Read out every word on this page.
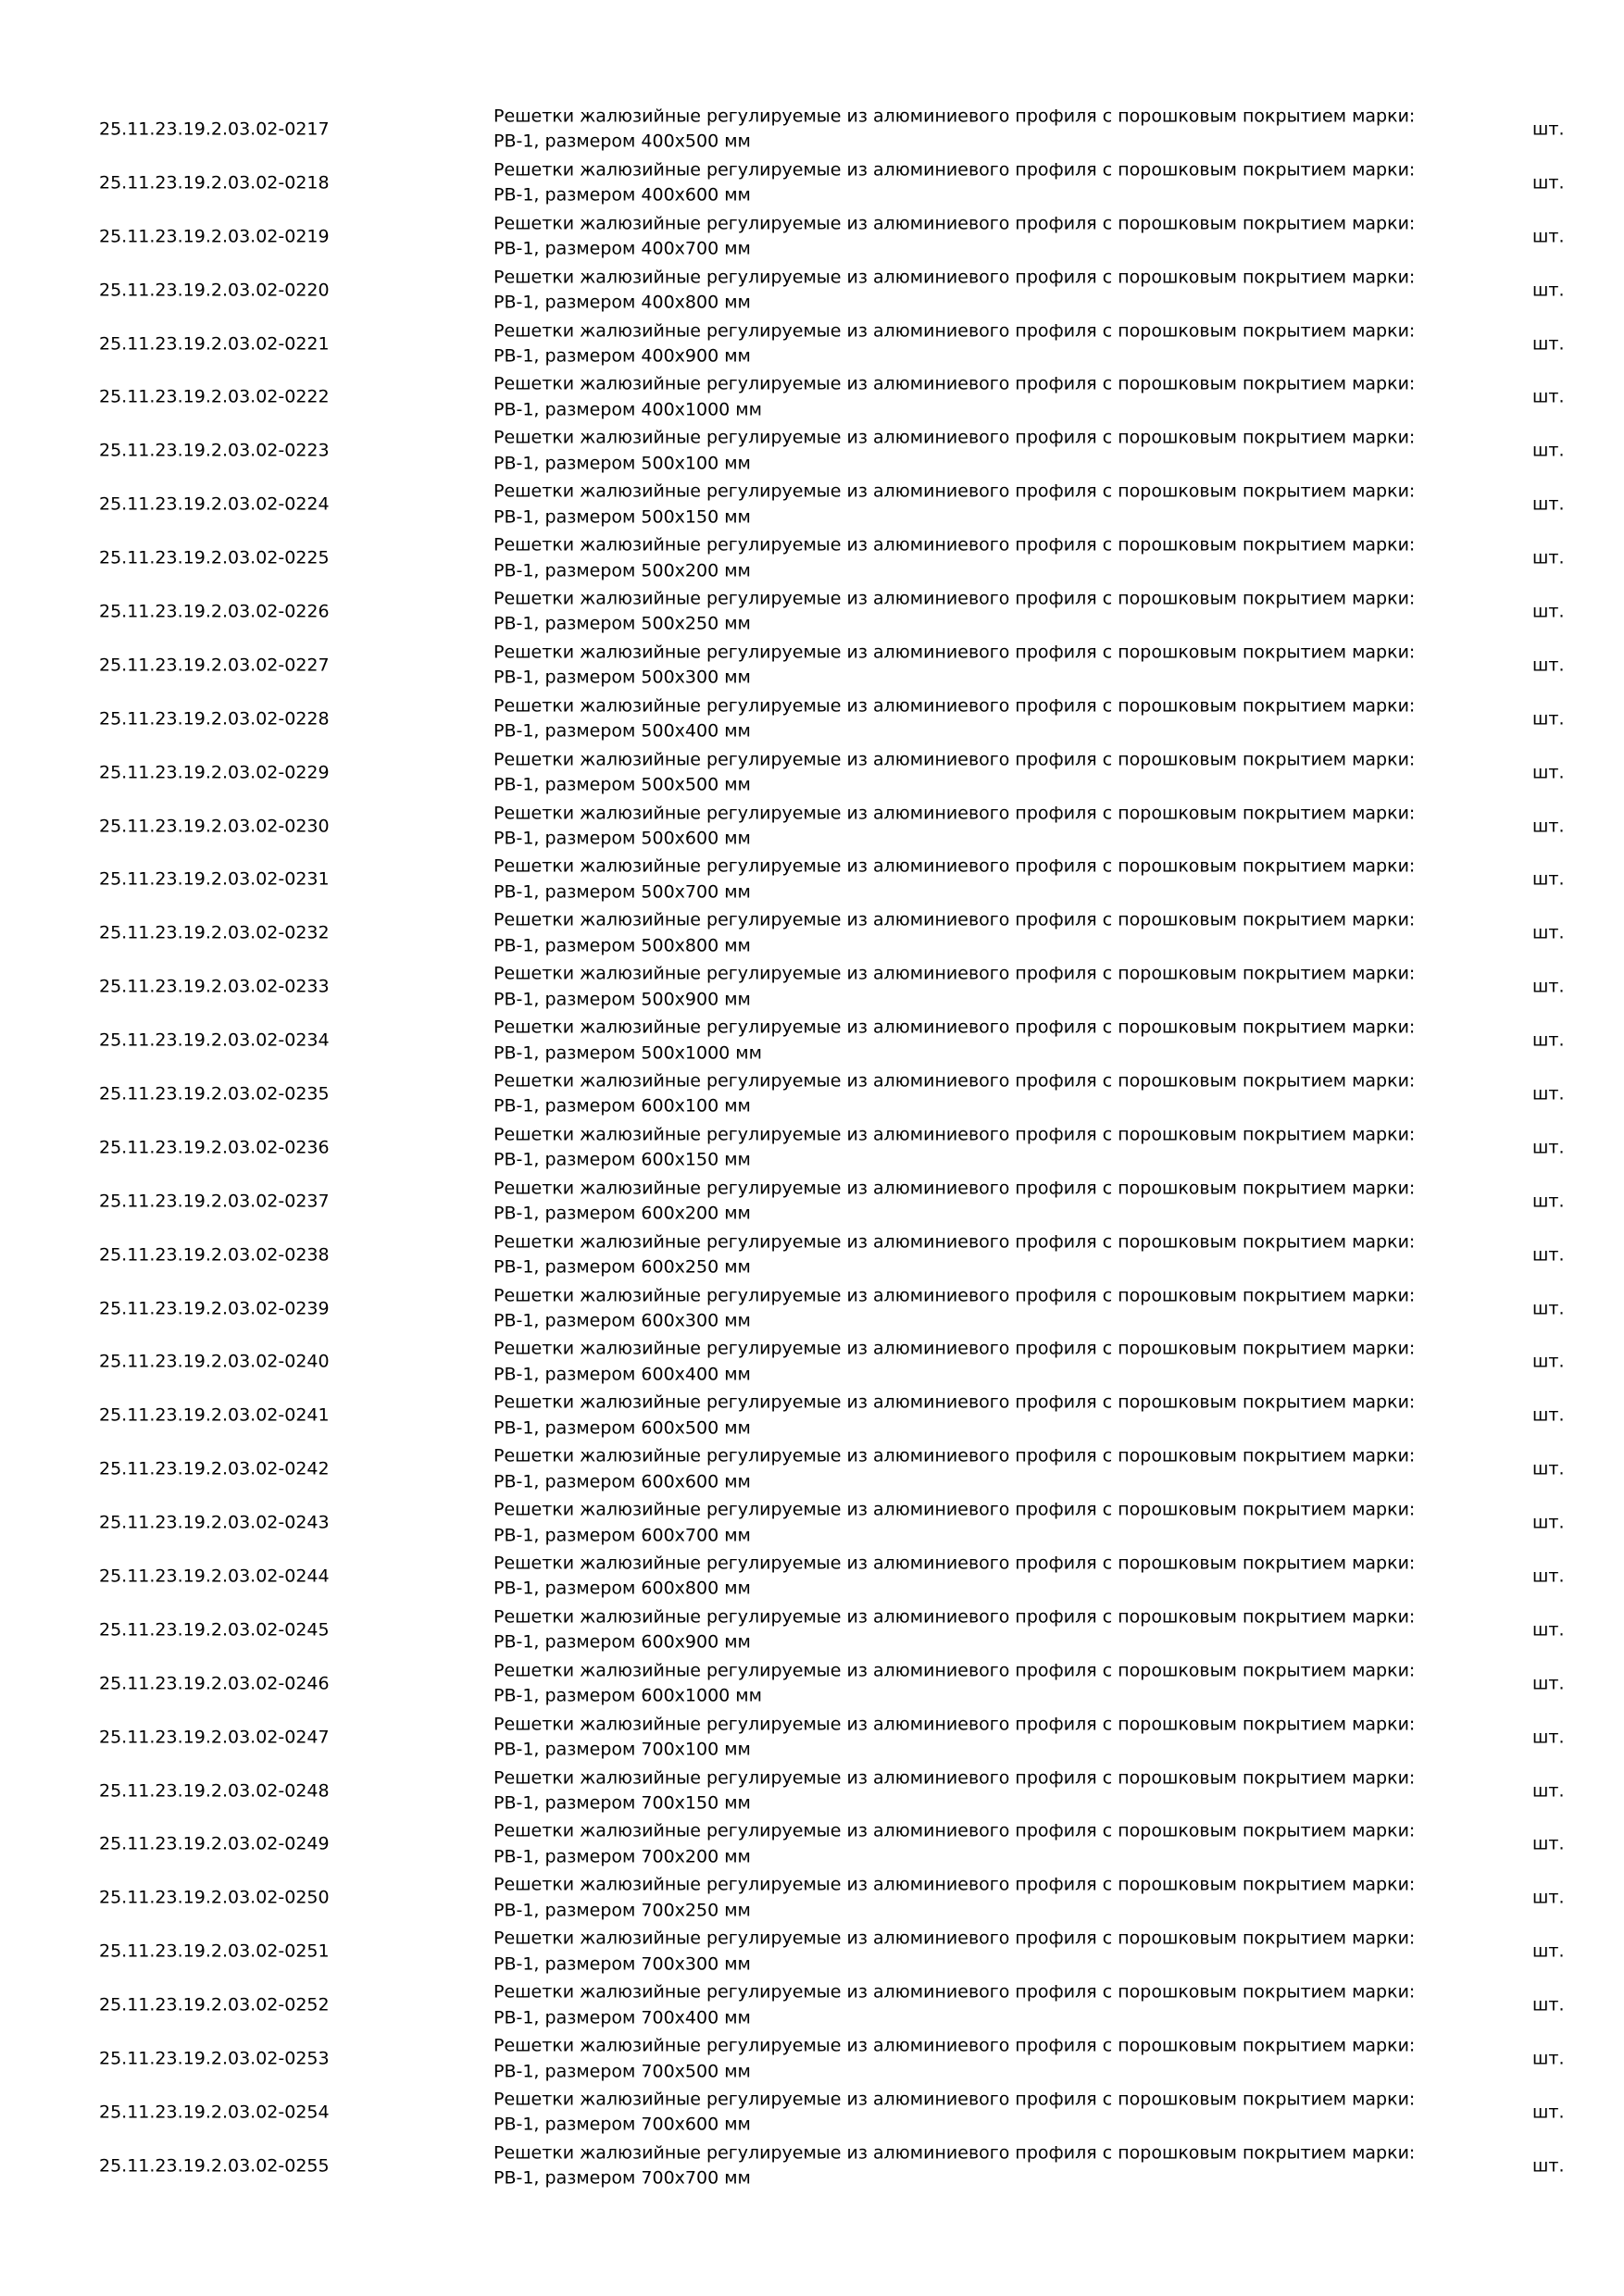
25.11.23.19.2.03.02-0217
Решетки жалюзийные регулируемые из алюминиевого профиля с порошковым покрытием марки:
РВ-1, размером 400х500 мм
шт.
25.11.23.19.2.03.02-0218
Решетки жалюзийные регулируемые из алюминиевого профиля с порошковым покрытием марки:
РВ-1, размером 400х600 мм
шт.
25.11.23.19.2.03.02-0219
Решетки жалюзийные регулируемые из алюминиевого профиля с порошковым покрытием марки:
РВ-1, размером 400х700 мм
шт.
25.11.23.19.2.03.02-0220
Решетки жалюзийные регулируемые из алюминиевого профиля с порошковым покрытием марки:
РВ-1, размером 400х800 мм
шт.
25.11.23.19.2.03.02-0221
Решетки жалюзийные регулируемые из алюминиевого профиля с порошковым покрытием марки:
РВ-1, размером 400х900 мм
шт.
25.11.23.19.2.03.02-0222
Решетки жалюзийные регулируемые из алюминиевого профиля с порошковым покрытием марки:
РВ-1, размером 400х1000 мм
шт.
25.11.23.19.2.03.02-0223
Решетки жалюзийные регулируемые из алюминиевого профиля с порошковым покрытием марки:
РВ-1, размером 500х100 мм
шт.
25.11.23.19.2.03.02-0224
Решетки жалюзийные регулируемые из алюминиевого профиля с порошковым покрытием марки:
РВ-1, размером 500х150 мм
шт.
25.11.23.19.2.03.02-0225
Решетки жалюзийные регулируемые из алюминиевого профиля с порошковым покрытием марки:
РВ-1, размером 500х200 мм
шт.
25.11.23.19.2.03.02-0226
Решетки жалюзийные регулируемые из алюминиевого профиля с порошковым покрытием марки:
РВ-1, размером 500х250 мм
шт.
25.11.23.19.2.03.02-0227
Решетки жалюзийные регулируемые из алюминиевого профиля с порошковым покрытием марки:
РВ-1, размером 500х300 мм
шт.
25.11.23.19.2.03.02-0228
Решетки жалюзийные регулируемые из алюминиевого профиля с порошковым покрытием марки:
РВ-1, размером 500х400 мм
шт.
25.11.23.19.2.03.02-0229
Решетки жалюзийные регулируемые из алюминиевого профиля с порошковым покрытием марки:
РВ-1, размером 500х500 мм
шт.
25.11.23.19.2.03.02-0230
Решетки жалюзийные регулируемые из алюминиевого профиля с порошковым покрытием марки:
РВ-1, размером 500х600 мм
шт.
25.11.23.19.2.03.02-0231
Решетки жалюзийные регулируемые из алюминиевого профиля с порошковым покрытием марки:
РВ-1, размером 500х700 мм
шт.
25.11.23.19.2.03.02-0232
Решетки жалюзийные регулируемые из алюминиевого профиля с порошковым покрытием марки:
РВ-1, размером 500х800 мм
шт.
25.11.23.19.2.03.02-0233
Решетки жалюзийные регулируемые из алюминиевого профиля с порошковым покрытием марки:
РВ-1, размером 500х900 мм
шт.
25.11.23.19.2.03.02-0234
Решетки жалюзийные регулируемые из алюминиевого профиля с порошковым покрытием марки:
РВ-1, размером 500х1000 мм
шт.
25.11.23.19.2.03.02-0235
Решетки жалюзийные регулируемые из алюминиевого профиля с порошковым покрытием марки:
РВ-1, размером 600х100 мм
шт.
25.11.23.19.2.03.02-0236
Решетки жалюзийные регулируемые из алюминиевого профиля с порошковым покрытием марки:
РВ-1, размером 600х150 мм
шт.
25.11.23.19.2.03.02-0237
Решетки жалюзийные регулируемые из алюминиевого профиля с порошковым покрытием марки:
РВ-1, размером 600х200 мм
шт.
25.11.23.19.2.03.02-0238
Решетки жалюзийные регулируемые из алюминиевого профиля с порошковым покрытием марки:
РВ-1, размером 600х250 мм
шт.
25.11.23.19.2.03.02-0239
Решетки жалюзийные регулируемые из алюминиевого профиля с порошковым покрытием марки:
РВ-1, размером 600х300 мм
шт.
25.11.23.19.2.03.02-0240
Решетки жалюзийные регулируемые из алюминиевого профиля с порошковым покрытием марки:
РВ-1, размером 600х400 мм
шт.
25.11.23.19.2.03.02-0241
Решетки жалюзийные регулируемые из алюминиевого профиля с порошковым покрытием марки:
РВ-1, размером 600х500 мм
шт.
25.11.23.19.2.03.02-0242
Решетки жалюзийные регулируемые из алюминиевого профиля с порошковым покрытием марки:
РВ-1, размером 600х600 мм
шт.
25.11.23.19.2.03.02-0243
Решетки жалюзийные регулируемые из алюминиевого профиля с порошковым покрытием марки:
РВ-1, размером 600х700 мм
шт.
25.11.23.19.2.03.02-0244
Решетки жалюзийные регулируемые из алюминиевого профиля с порошковым покрытием марки:
РВ-1, размером 600х800 мм
шт.
25.11.23.19.2.03.02-0245
Решетки жалюзийные регулируемые из алюминиевого профиля с порошковым покрытием марки:
РВ-1, размером 600х900 мм
шт.
25.11.23.19.2.03.02-0246
Решетки жалюзийные регулируемые из алюминиевого профиля с порошковым покрытием марки:
РВ-1, размером 600х1000 мм
шт.
25.11.23.19.2.03.02-0247
Решетки жалюзийные регулируемые из алюминиевого профиля с порошковым покрытием марки:
РВ-1, размером 700х100 мм
шт.
25.11.23.19.2.03.02-0248
Решетки жалюзийные регулируемые из алюминиевого профиля с порошковым покрытием марки:
РВ-1, размером 700х150 мм
шт.
25.11.23.19.2.03.02-0249
Решетки жалюзийные регулируемые из алюминиевого профиля с порошковым покрытием марки:
РВ-1, размером 700х200 мм
шт.
25.11.23.19.2.03.02-0250
Решетки жалюзийные регулируемые из алюминиевого профиля с порошковым покрытием марки:
РВ-1, размером 700х250 мм
шт.
25.11.23.19.2.03.02-0251
Решетки жалюзийные регулируемые из алюминиевого профиля с порошковым покрытием марки:
РВ-1, размером 700х300 мм
шт.
25.11.23.19.2.03.02-0252
Решетки жалюзийные регулируемые из алюминиевого профиля с порошковым покрытием марки:
РВ-1, размером 700х400 мм
шт.
25.11.23.19.2.03.02-0253
Решетки жалюзийные регулируемые из алюминиевого профиля с порошковым покрытием марки:
РВ-1, размером 700х500 мм
шт.
25.11.23.19.2.03.02-0254
Решетки жалюзийные регулируемые из алюминиевого профиля с порошковым покрытием марки:
РВ-1, размером 700х600 мм
шт.
25.11.23.19.2.03.02-0255
Решетки жалюзийные регулируемые из алюминиевого профиля с порошковым покрытием марки:
РВ-1, размером 700х700 мм
шт.
